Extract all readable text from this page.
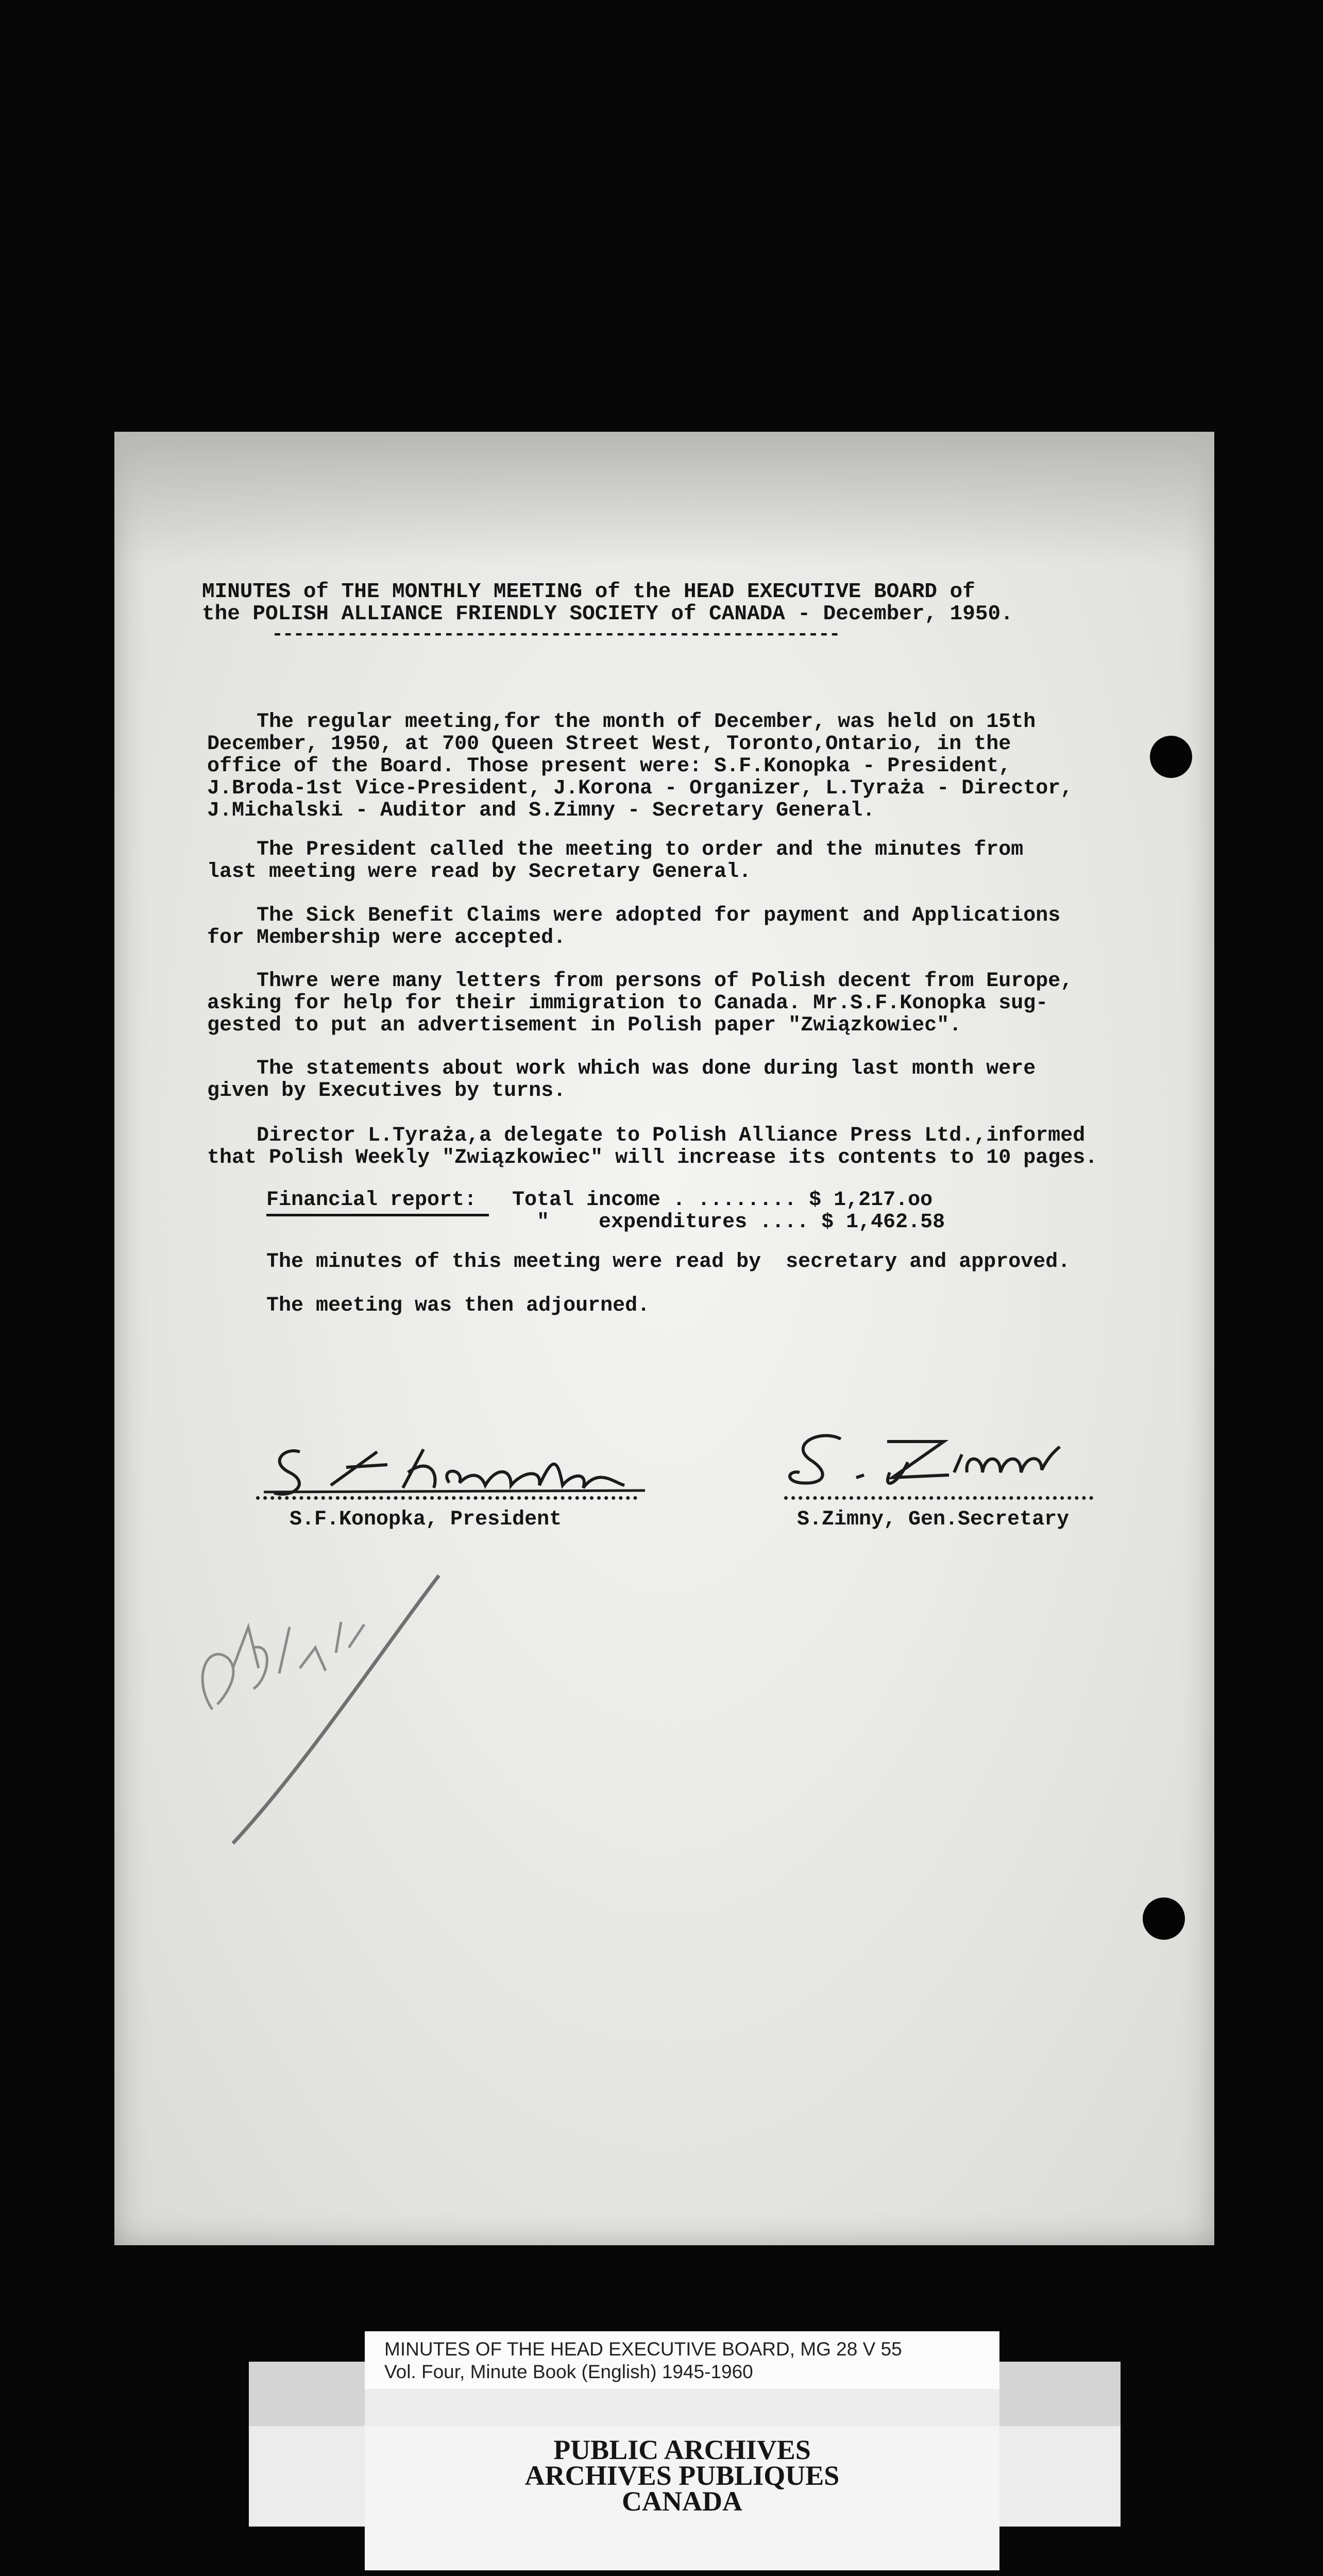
MINUTES of THE MONTHLY MEETING of the HEAD EXECUTIVE BOARD of
the POLISH ALLIANCE FRIENDLY SOCIETY of CANADA - December, 1950.
-----------------------------------------------------
The regular meeting,for the month of December, was held on 15th
December, 1950, at 700 Queen Street West, Toronto,Ontario, in the
office of the Board. Those present were: S.F.Konopka - President,
J.Broda-1st Vice-President, J.Korona - Organizer, L.Tyraża - Director,
J.Michalski - Auditor and S.Zimny - Secretary General.
The President called the meeting to order and the minutes from
last meeting were read by Secretary General.
The Sick Benefit Claims were adopted for payment and Applications
for Membership were accepted.
Thwre were many letters from persons of Polish decent from Europe,
asking for help for their immigration to Canada. Mr.S.F.Konopka sug-
gested to put an advertisement in Polish paper "Związkowiec".
The statements about work which was done during last month were
given by Executives by turns.
Director L.Tyraża,a delegate to Polish Alliance Press Ltd.,informed
that Polish Weekly "Związkowiec" will increase its contents to 10 pages.
Financial report: Total income . ........ $ 1,217.oo
"    expenditures .... $ 1,462.58
The minutes of this meeting were read by  secretary and approved.
The meeting was then adjourned.
S.F.Konopka, President	S.Zimny, Gen.Secretary
PUBLIC ARCHIVES
ARCHIVES PUBLIQUES
CANADA
MINUTES OF THE HEAD EXECUTIVE BOARD, MG 28 V 55
Vol. Four, Minute Book (English) 1945-1960
